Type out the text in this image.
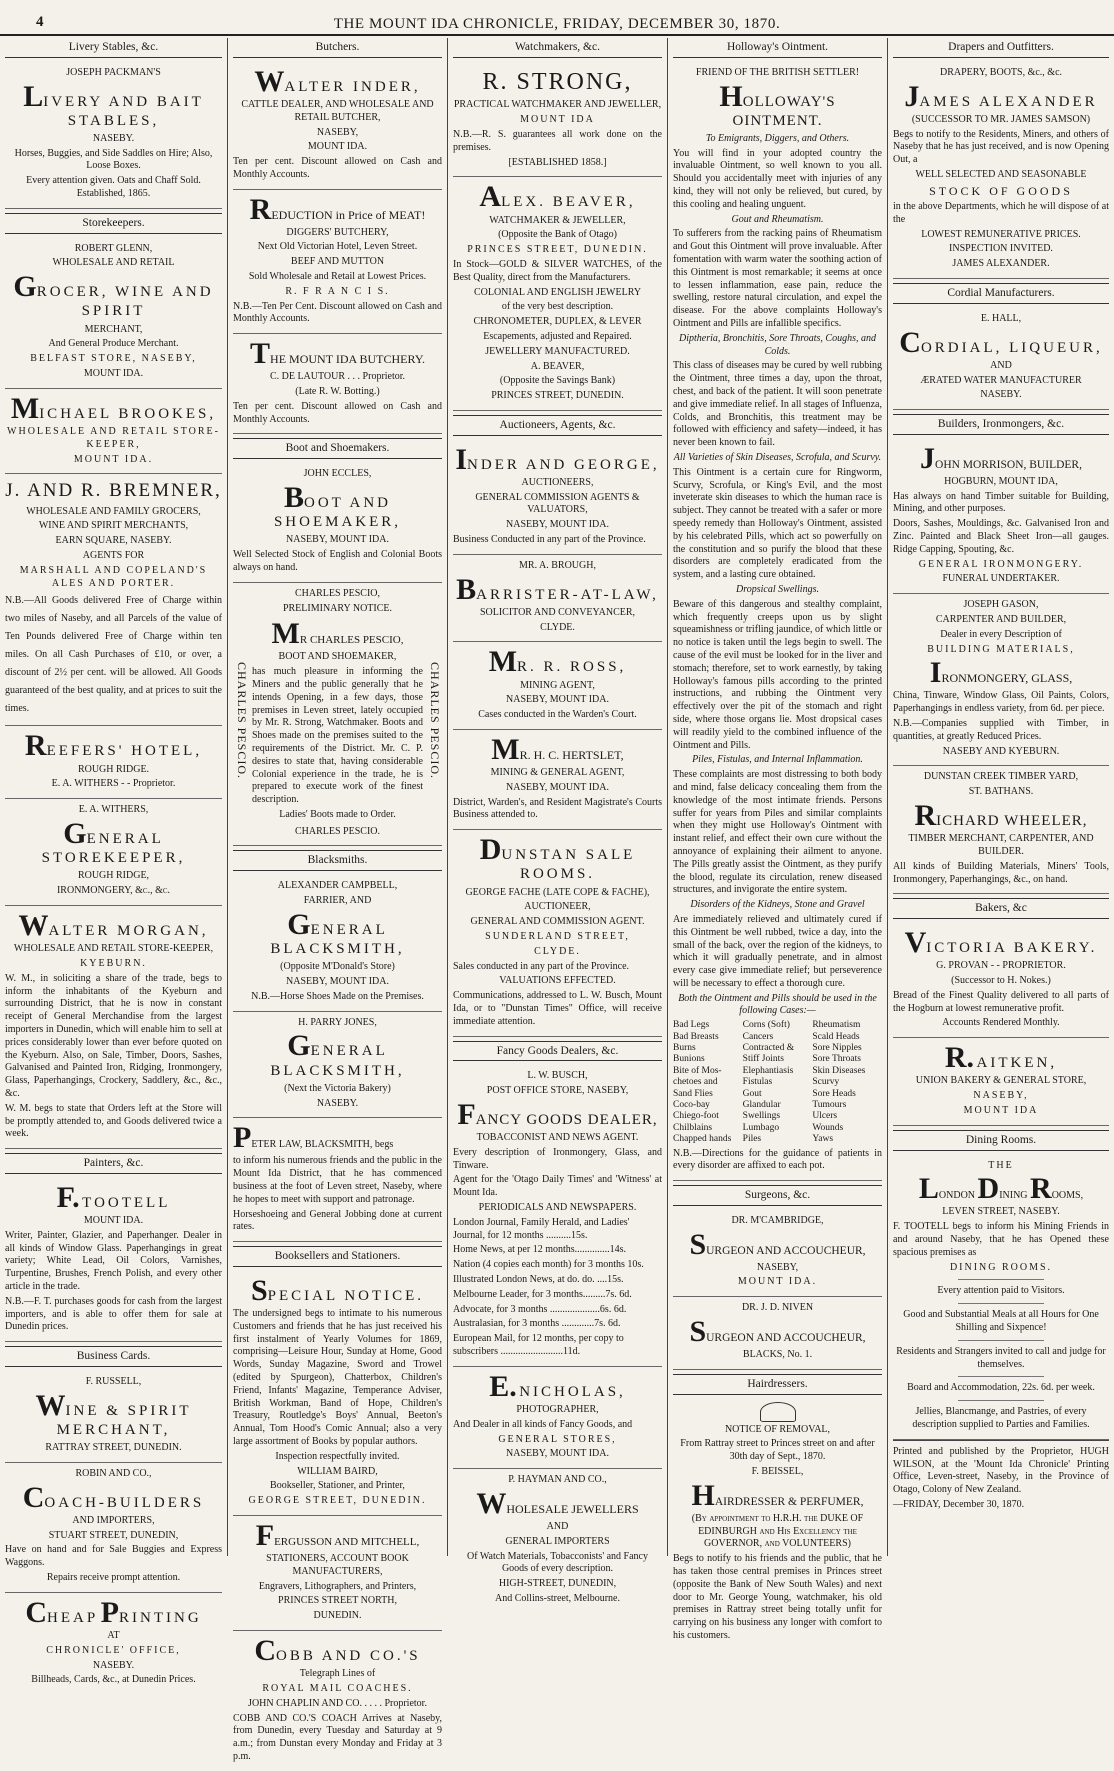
4	THE MOUNT IDA CHRONICLE, FRIDAY, DECEMBER 30, 1870.
Livery Stables, &c.

JOSEPH PACKMAN'S

LIVERY AND BAIT STABLES,

NASEBY.

Horses, Buggies, and Side Saddles on Hire; Also, Loose Boxes.

Every attention given. Oats and Chaff Sold. Established, 1865.

Storekeepers.

ROBERT GLENN,

WHOLESALE AND RETAIL

GROCER, WINE AND SPIRIT

MERCHANT,

And General Produce Merchant.

BELFAST STORE, NASEBY,

MOUNT IDA.

MICHAEL BROOKES,

WHOLESALE AND RETAIL STORE-KEEPER,

MOUNT IDA.

J. AND R. BREMNER,

WHOLESALE AND FAMILY GROCERS,

WINE AND SPIRIT MERCHANTS,

EARN SQUARE, NASEBY.

AGENTS FOR

MARSHALL AND COPELAND'S ALES AND PORTER.

N.B.—All Goods delivered Free of Charge within two miles of Naseby, and all Parcels of the value of Ten Pounds delivered Free of Charge within ten miles. On all Cash Purchases of £10, or over, a discount of 2½ per cent. will be allowed. All Goods guaranteed of the best quality, and at prices to suit the times.

REEFERS' HOTEL,

ROUGH RIDGE.

E. A. WITHERS - - Proprietor.

E. A. WITHERS,

GENERAL STOREKEEPER,

ROUGH RIDGE,

IRONMONGERY, &c., &c.

WALTER MORGAN,

WHOLESALE AND RETAIL STORE-KEEPER,

KYEBURN.

W. M., in soliciting a share of the trade, begs to inform the inhabitants of the Kyeburn and surrounding District, that he is now in constant receipt of General Merchandise from the largest importers in Dunedin, which will enable him to sell at prices considerably lower than ever before quoted on the Kyeburn. Also, on Sale, Timber, Doors, Sashes, Galvanised and Painted Iron, Ridging, Ironmongery, Glass, Paperhangings, Crockery, Saddlery, &c., &c., &c.

W. M. begs to state that Orders left at the Store will be promptly attended to, and Goods delivered twice a week.

Painters, &c.

F. TOOTELL

MOUNT IDA.

Writer, Painter, Glazier, and Paperhanger. Dealer in all kinds of Window Glass. Paperhangings in great variety; White Lead, Oil Colors, Varnishes, Turpentine, Brushes, French Polish, and every other article in the trade.

N.B.—F. T. purchases goods for cash from the largest importers, and is able to offer them for sale at Dunedin prices.

Business Cards.

F. RUSSELL,

WINE & SPIRIT MERCHANT,

RATTRAY STREET, DUNEDIN.

ROBIN AND CO.,

COACH-BUILDERS

AND IMPORTERS,

STUART STREET, DUNEDIN,

Have on hand and for Sale Buggies and Express Waggons.

Repairs receive prompt attention.

CHEAP PRINTING

AT

CHRONICLE' OFFICE,

NASEBY.

Billheads, Cards, &c., at Dunedin Prices.

Butchers.

WALTER INDER,

CATTLE DEALER, AND WHOLESALE AND RETAIL BUTCHER,

NASEBY,

MOUNT IDA.

Ten per cent. Discount allowed on Cash and Monthly Accounts.

REDUCTION in Price of MEAT!

DIGGERS' BUTCHERY,

Next Old Victorian Hotel, Leven Street.

BEEF AND MUTTON

Sold Wholesale and Retail at Lowest Prices.

R. F R A N C I S.

N.B.—Ten Per Cent. Discount allowed on Cash and Monthly Accounts.

THE MOUNT IDA BUTCHERY.

C. DE LAUTOUR . . . Proprietor.

(Late R. W. Botting.)

Ten per cent. Discount allowed on Cash and Monthly Accounts.

Boot and Shoemakers.

JOHN ECCLES,

BOOT AND SHOEMAKER,

NASEBY, MOUNT IDA.

Well Selected Stock of English and Colonial Boots always on hand.

CHARLES PESCIO,

PRELIMINARY NOTICE.

CHARLES PESCIO.

MR CHARLES PESCIO,

BOOT AND SHOEMAKER,

has much pleasure in informing the Miners and the public generally that he intends Opening, in a few days, those premises in Leven street, lately occupied by Mr. R. Strong, Watchmaker. Boots and Shoes made on the premises suited to the requirements of the District. Mr. C. P. desires to state that, having considerable Colonial experience in the trade, he is prepared to execute work of the finest description.

Ladies' Boots made to Order.

CHARLES PESCIO.

CHARLES PESCIO.

Blacksmiths.

ALEXANDER CAMPBELL,

FARRIER, AND

GENERAL BLACKSMITH,

(Opposite M'Donald's Store)

NASEBY, MOUNT IDA.

N.B.—Horse Shoes Made on the Premises.

H. PARRY JONES,

GENERAL BLACKSMITH,

(Next the Victoria Bakery)

NASEBY.

PETER LAW, BLACKSMITH, begs

to inform his numerous friends and the public in the Mount Ida District, that he has commenced business at the foot of Leven street, Naseby, where he hopes to meet with support and patronage.

Horseshoeing and General Jobbing done at current rates.

Booksellers and Stationers.

SPECIAL NOTICE.

The undersigned begs to intimate to his numerous Customers and friends that he has just received his first instalment of Yearly Volumes for 1869, comprising—Leisure Hour, Sunday at Home, Good Words, Sunday Magazine, Sword and Trowel (edited by Spurgeon), Chatterbox, Children's Friend, Infants' Magazine, Temperance Adviser, British Workman, Band of Hope, Children's Treasury, Routledge's Boys' Annual, Beeton's Annual, Tom Hood's Comic Annual; also a very large assortment of Books by popular authors.

Inspection respectfully invited.

WILLIAM BAIRD,

Bookseller, Stationer, and Printer,

GEORGE STREET, DUNEDIN.

FERGUSSON AND MITCHELL,

STATIONERS, ACCOUNT BOOK MANUFACTURERS,

Engravers, Lithographers, and Printers,

PRINCES STREET NORTH,

DUNEDIN.

COBB AND CO.'S

Telegraph Lines of

ROYAL MAIL COACHES.

JOHN CHAPLIN AND CO. . . . . Proprietor.

COBB AND CO.'S COACH Arrives at Naseby, from Dunedin, every Tuesday and Saturday at 9 a.m.; from Dunstan every Monday and Friday at 3 p.m.

Watchmakers, &c.

R. STRONG,

PRACTICAL WATCHMAKER AND JEWELLER,

MOUNT IDA

N.B.—R. S. guarantees all work done on the premises.

[ESTABLISHED 1858.]

ALEX. BEAVER,

WATCHMAKER & JEWELLER,

(Opposite the Bank of Otago)

PRINCES STREET, DUNEDIN.

In Stock—GOLD & SILVER WATCHES, of the Best Quality, direct from the Manufacturers.

COLONIAL AND ENGLISH JEWELRY

of the very best description.

CHRONOMETER, DUPLEX, & LEVER

Escapements, adjusted and Repaired.

JEWELLERY MANUFACTURED.

A. BEAVER,

(Opposite the Savings Bank)

PRINCES STREET, DUNEDIN.

Auctioneers, Agents, &c.

INDER AND GEORGE,

AUCTIONEERS,

GENERAL COMMISSION AGENTS & VALUATORS,

NASEBY, MOUNT IDA.

Business Conducted in any part of the Province.

MR. A. BROUGH,

BARRISTER-AT-LAW,

SOLICITOR AND CONVEYANCER,

CLYDE.

MR. R. ROSS,

MINING AGENT,

NASEBY, MOUNT IDA.

Cases conducted in the Warden's Court.

MR. H. C. HERTSLET,

MINING & GENERAL AGENT,

NASEBY, MOUNT IDA.

District, Warden's, and Resident Magistrate's Courts Business attended to.

DUNSTAN SALE ROOMS.

GEORGE FACHE (LATE COPE & FACHE),

AUCTIONEER,

GENERAL AND COMMISSION AGENT.

SUNDERLAND STREET,

CLYDE.

Sales conducted in any part of the Province.

VALUATIONS EFFECTED.

Communications, addressed to L. W. Busch, Mount Ida, or to "Dunstan Times" Office, will receive immediate attention.

Fancy Goods Dealers, &c.

L. W. BUSCH,

POST OFFICE STORE, NASEBY,

FANCY GOODS DEALER,

TOBACCONIST AND NEWS AGENT.

Every description of Ironmongery, Glass, and Tinware.

Agent for the 'Otago Daily Times' and 'Witness' at Mount Ida.

PERIODICALS AND NEWSPAPERS.

London Journal, Family Herald, and Ladies' Journal, for 12 months ..........15s.

Home News, at per 12 months..............14s.

Nation (4 copies each month) for 3 months 10s.

Illustrated London News, at do. do. ....15s.

Melbourne Leader, for 3 months.........7s. 6d.

Advocate, for 3 months ....................6s. 6d.

Australasian, for 3 months .............7s. 6d.

European Mail, for 12 months, per copy to subscribers .........................11d.

E. NICHOLAS,

PHOTOGRAPHER,

And Dealer in all kinds of Fancy Goods, and

GENERAL STORES,

NASEBY, MOUNT IDA.

P. HAYMAN AND CO.,

WHOLESALE JEWELLERS

AND

GENERAL IMPORTERS

Of Watch Materials, Tobacconists' and Fancy Goods of every description.

HIGH-STREET, DUNEDIN,

And Collins-street, Melbourne.

Holloway's Ointment.

FRIEND OF THE BRITISH SETTLER!

HOLLOWAY'S OINTMENT.

To Emigrants, Diggers, and Others.

You will find in your adopted country the invaluable Ointment, so well known to you all. Should you accidentally meet with injuries of any kind, they will not only be relieved, but cured, by this cooling and healing unguent.

Gout and Rheumatism.

To sufferers from the racking pains of Rheumatism and Gout this Ointment will prove invaluable. After fomentation with warm water the soothing action of this Ointment is most remarkable; it seems at once to lessen inflammation, ease pain, reduce the swelling, restore natural circulation, and expel the disease. For the above complaints Holloway's Ointment and Pills are infallible specifics.

Diptheria, Bronchitis, Sore Throats, Coughs, and Colds.

This class of diseases may be cured by well rubbing the Ointment, three times a day, upon the throat, chest, and back of the patient. It will soon penetrate and give immediate relief. In all stages of Influenza, Colds, and Bronchitis, this treatment may be followed with efficiency and safety—indeed, it has never been known to fail.

All Varieties of Skin Diseases, Scrofula, and Scurvy.

This Ointment is a certain cure for Ringworm, Scurvy, Scrofula, or King's Evil, and the most inveterate skin diseases to which the human race is subject. They cannot be treated with a safer or more speedy remedy than Holloway's Ointment, assisted by his celebrated Pills, which act so powerfully on the constitution and so purify the blood that these disorders are completely eradicated from the system, and a lasting cure obtained.

Dropsical Swellings.

Beware of this dangerous and stealthy complaint, which frequently creeps upon us by slight squeamishness or trifling jaundice, of which little or no notice is taken until the legs begin to swell. The cause of the evil must be looked for in the liver and stomach; therefore, set to work earnestly, by taking Holloway's famous pills according to the printed instructions, and rubbing the Ointment very effectively over the pit of the stomach and right side, where those organs lie. Most dropsical cases will readily yield to the combined influence of the Ointment and Pills.

Piles, Fistulas, and Internal Inflammation.

These complaints are most distressing to both body and mind, false delicacy concealing them from the knowledge of the most intimate friends. Persons suffer for years from Piles and similar complaints when they might use Holloway's Ointment with instant relief, and effect their own cure without the annoyance of explaining their ailment to anyone. The Pills greatly assist the Ointment, as they purify the blood, regulate its circulation, renew diseased structures, and invigorate the entire system.

Disorders of the Kidneys, Stone and Gravel

Are immediately relieved and ultimately cured if this Ointment be well rubbed, twice a day, into the small of the back, over the region of the kidneys, to which it will gradually penetrate, and in almost every case give immediate relief; but perseverence will be necessary to effect a thorough cure.

Both the Ointment and Pills should be used in the following Cases:—

Bad Legs	Corns (Soft)	Rheumatism
Bad Breasts	Cancers	Scald Heads
Burns	Contracted &	Sore Nipples
Bunions	Stiff Joints	Sore Throats
Bite of Mos-	Elephantiasis	Skin Diseases
chetoes and	Fistulas	Scurvy
Sand Flies	Gout	Sore Heads
Coco-bay	Glandular	Tumours
Chiego-foot	Swellings	Ulcers
Chilblains	Lumbago	Wounds
Chapped hands	Piles	Yaws

N.B.—Directions for the guidance of patients in every disorder are affixed to each pot.

Surgeons, &c.

DR. M'CAMBRIDGE,

SURGEON AND ACCOUCHEUR,

NASEBY,

MOUNT IDA.

DR. J. D. NIVEN

SURGEON AND ACCOUCHEUR,

BLACKS, No. 1.

Hairdressers.

NOTICE OF REMOVAL,

From Rattray street to Princes street on and after 30th day of Sept., 1870.

F. BEISSEL,

HAIRDRESSER & PERFUMER,

(By appointment to H.R.H. the DUKE OF EDINBURGH and His Excellency the GOVERNOR, and VOLUNTEERS)

Begs to notify to his friends and the public, that he has taken those central premises in Princes street (opposite the Bank of New South Wales) and next door to Mr. George Young, watchmaker, his old premises in Rattray street being totally unfit for carrying on his business any longer with comfort to his customers.

Drapers and Outfitters.

DRAPERY, BOOTS, &c., &c.

JAMES ALEXANDER

(SUCCESSOR TO MR. JAMES SAMSON)

Begs to notify to the Residents, Miners, and others of Naseby that he has just received, and is now Opening Out, a

WELL SELECTED AND SEASONABLE

STOCK OF GOODS

in the above Departments, which he will dispose of at the

LOWEST REMUNERATIVE PRICES.

INSPECTION INVITED.

JAMES ALEXANDER.

Cordial Manufacturers.

E. HALL,

CORDIAL, LIQUEUR,

AND

ÆRATED WATER MANUFACTURER

NASEBY.

Builders, Ironmongers, &c.

JOHN MORRISON, BUILDER,

HOGBURN, MOUNT IDA,

Has always on hand Timber suitable for Building, Mining, and other purposes.

Doors, Sashes, Mouldings, &c. Galvanised Iron and Zinc. Painted and Black Sheet Iron—all gauges. Ridge Capping, Spouting, &c.

GENERAL IRONMONGERY.

FUNERAL UNDERTAKER.

JOSEPH GASON,

CARPENTER AND BUILDER,

Dealer in every Description of

BUILDING MATERIALS,

IRONMONGERY, GLASS,

China, Tinware, Window Glass, Oil Paints, Colors, Paperhangings in endless variety, from 6d. per piece.

N.B.—Companies supplied with Timber, in quantities, at greatly Reduced Prices.

NASEBY AND KYEBURN.

DUNSTAN CREEK TIMBER YARD,

ST. BATHANS.

RICHARD WHEELER,

TIMBER MERCHANT, CARPENTER, AND BUILDER.

All kinds of Building Materials, Miners' Tools, Ironmongery, Paperhangings, &c., on hand.

Bakers, &c

VICTORIA BAKERY.

G. PROVAN - - PROPRIETOR.

(Successor to H. Nokes.)

Bread of the Finest Quality delivered to all parts of the Hogburn at lowest remunerative profit.

Accounts Rendered Monthly.

R. AITKEN,

UNION BAKERY & GENERAL STORE,

NASEBY,

MOUNT IDA

Dining Rooms.

THE

LONDON DINING ROOMS,

LEVEN STREET, NASEBY.

F. TOOTELL begs to inform his Mining Friends in and around Naseby, that he has Opened these spacious premises as

DINING ROOMS.

Every attention paid to Visitors.

Good and Substantial Meals at all Hours for One Shilling and Sixpence!

Residents and Strangers invited to call and judge for themselves.

Board and Accommodation, 22s. 6d. per week.

Jellies, Blancmange, and Pastries, of every description supplied to Parties and Families.

Printed and published by the Proprietor, HUGH WILSON, at the 'Mount Ida Chronicle' Printing Office, Leven-street, Naseby, in the Province of Otago, Colony of New Zealand.

—FRIDAY, December 30, 1870.
